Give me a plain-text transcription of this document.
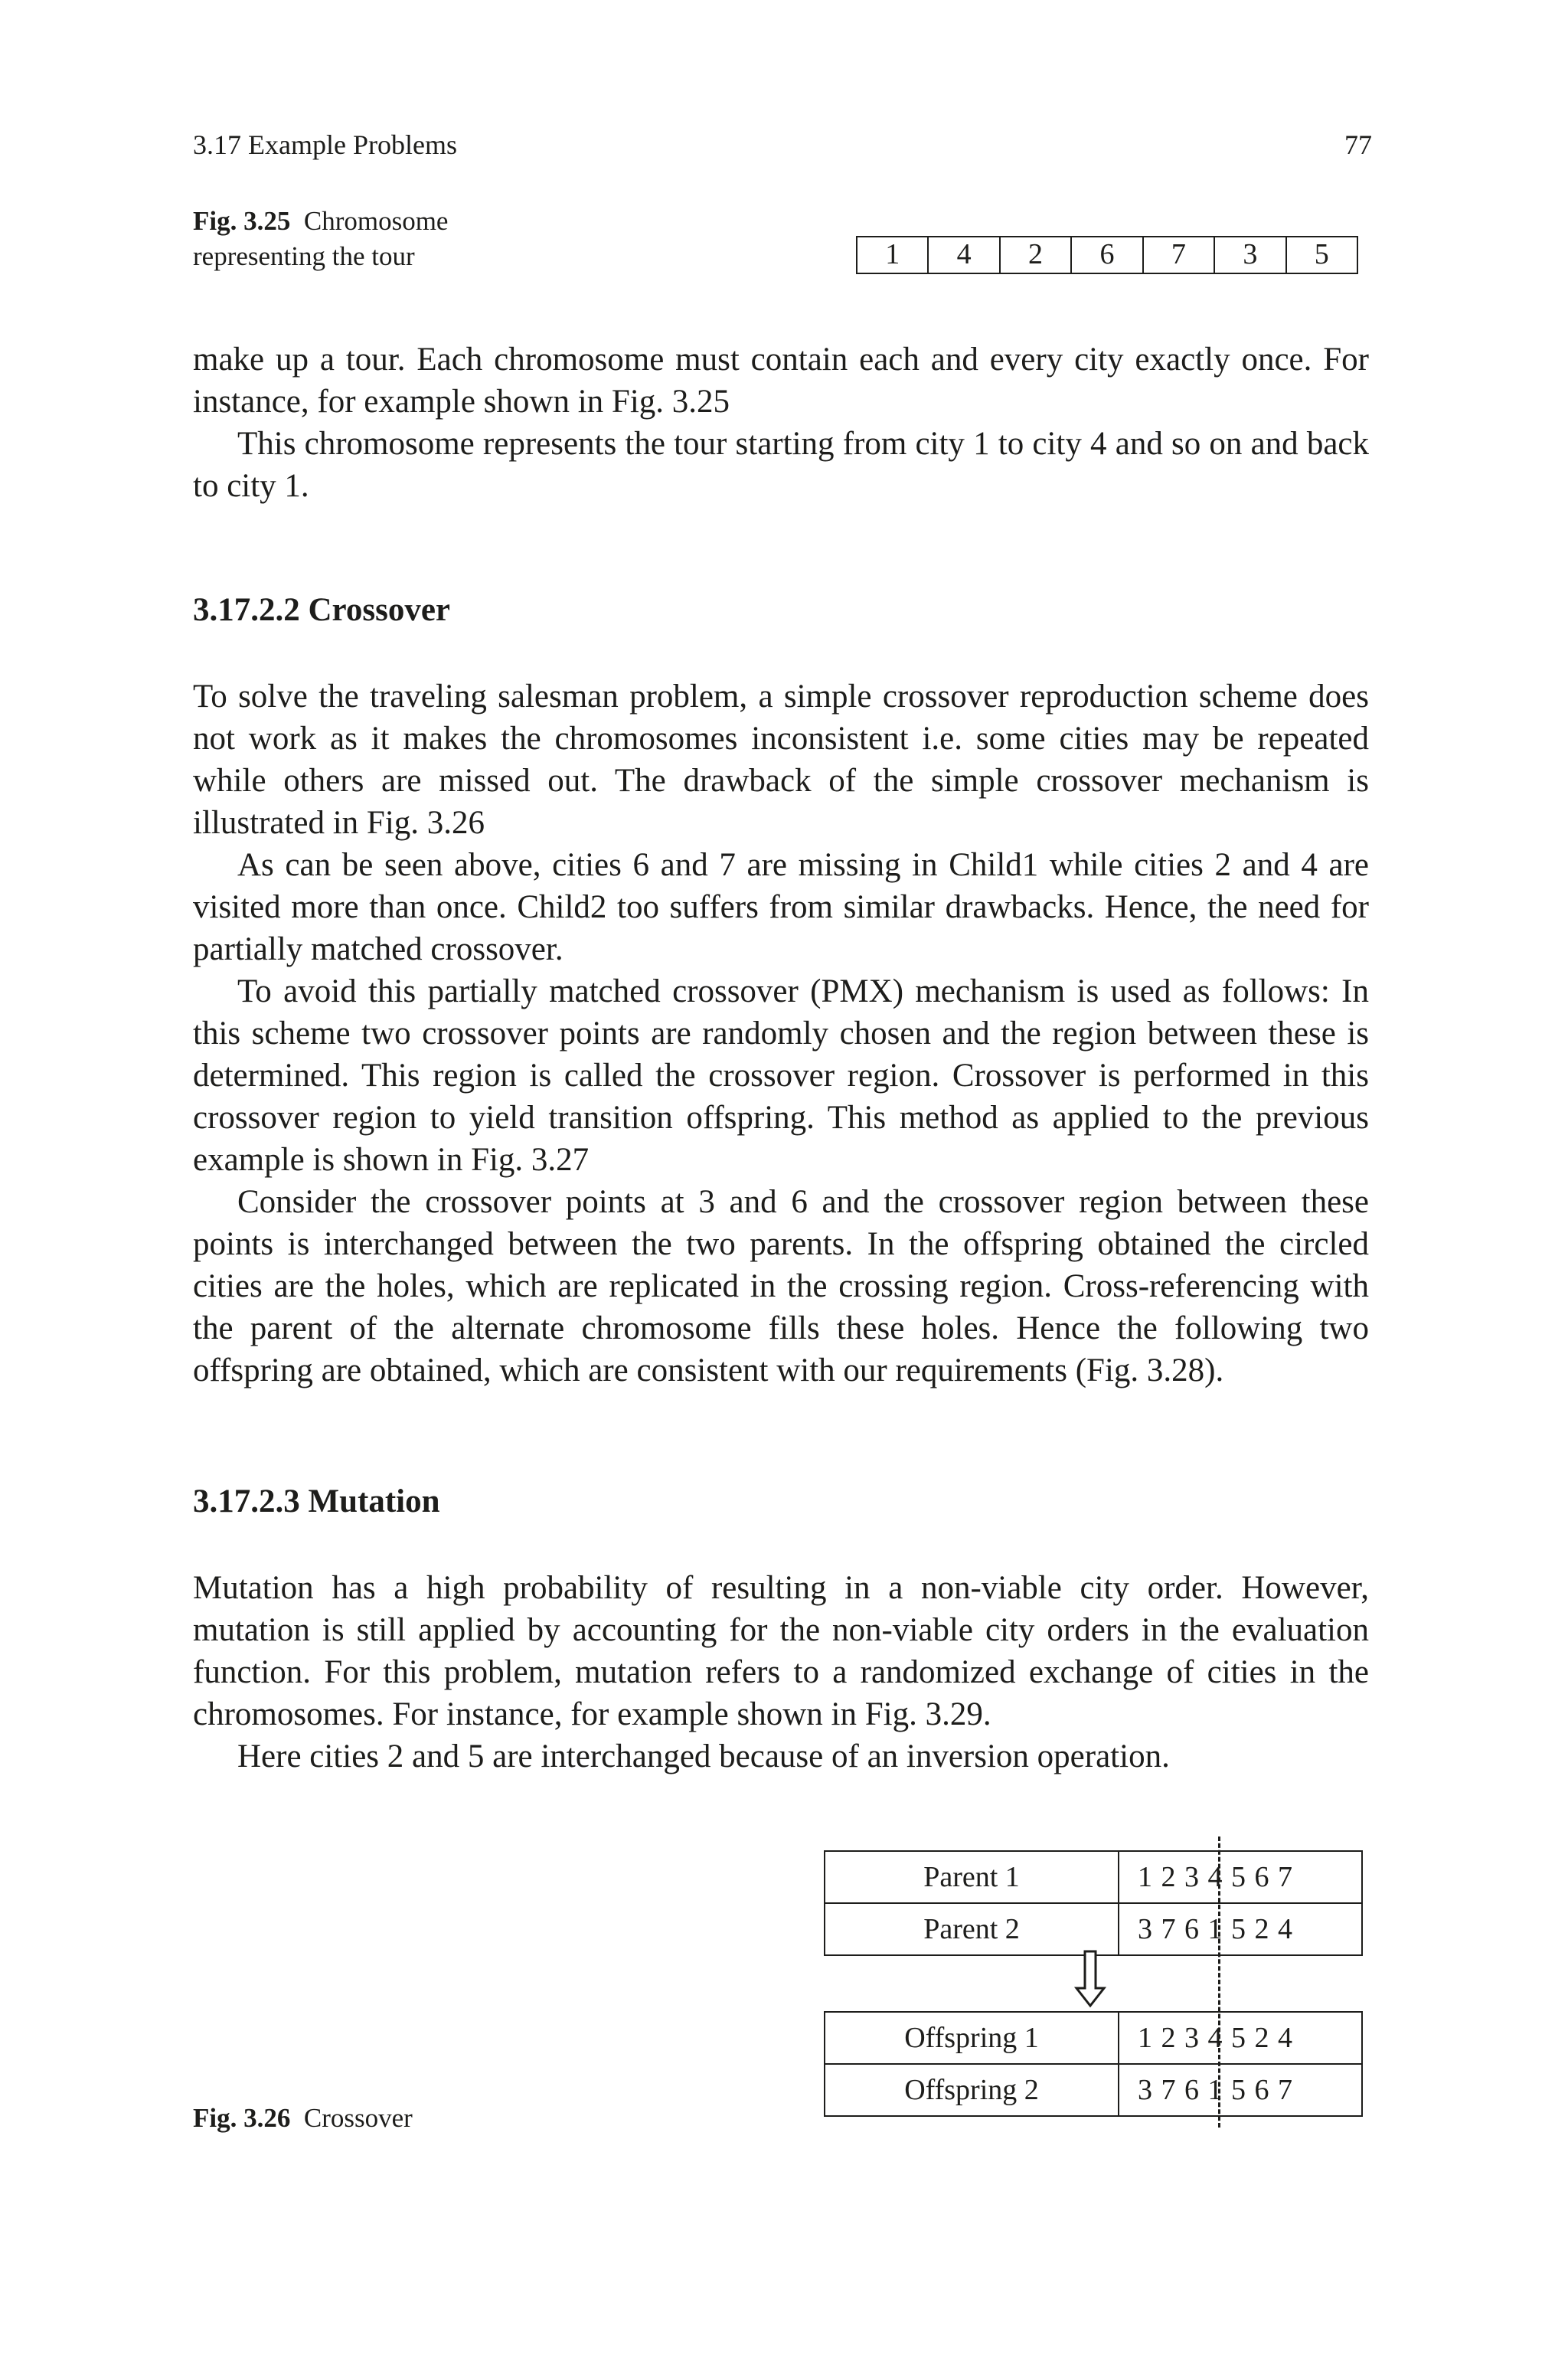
3.17 Example Problems	77
Fig. 3.25 Chromosome representing the tour	1	4	2	6	7	3	5

make up a tour. Each chromosome must contain each and every city exactly once. For instance, for example shown in Fig. 3.25

This chromosome represents the tour starting from city 1 to city 4 and so on and back to city 1.

3.17.2.2 Crossover

To solve the traveling salesman problem, a simple crossover reproduction scheme does not work as it makes the chromosomes inconsistent i.e. some cities may be repeated while others are missed out. The drawback of the simple crossover mechanism is illustrated in Fig. 3.26

As can be seen above, cities 6 and 7 are missing in Child1 while cities 2 and 4 are visited more than once. Child2 too suffers from similar drawbacks. Hence, the need for partially matched crossover.

To avoid this partially matched crossover (PMX) mechanism is used as follows: In this scheme two crossover points are randomly chosen and the region between these is determined. This region is called the crossover region. Crossover is performed in this crossover region to yield transition offspring. This method as applied to the previous example is shown in Fig. 3.27

Consider the crossover points at 3 and 6 and the crossover region between these points is interchanged between the two parents. In the offspring obtained the circled cities are the holes, which are replicated in the crossing region. Cross-referencing with the parent of the alternate chromosome fills these holes. Hence the following two offspring are obtained, which are consistent with our requirements (Fig. 3.28).

3.17.2.3 Mutation

Mutation has a high probability of resulting in a non-viable city order. However, mutation is still applied by accounting for the non-viable city orders in the evaluation function. For this problem, mutation refers to a randomized exchange of cities in the chromosomes. For instance, for example shown in Fig. 3.29.

Here cities 2 and 5 are interchanged because of an inversion operation.

Parent 1	1 2 3 4 5 6 7
Parent 2	3 7 6 1 5 2 4
Offspring 1	1 2 3 4 5 2 4
Offspring 2	3 7 6 1 5 6 7
Fig. 3.26 Crossover
